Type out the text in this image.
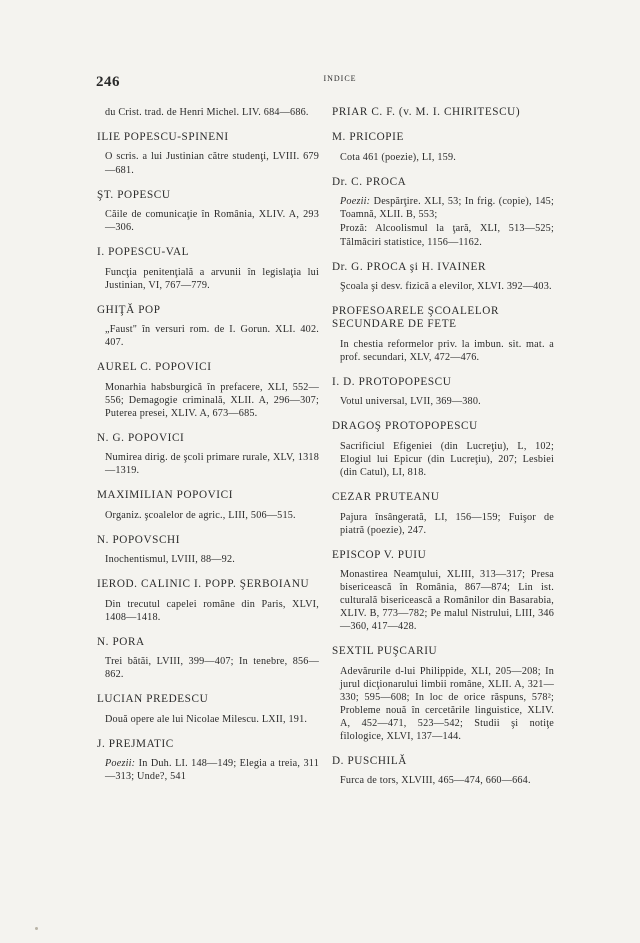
246	INDICE
du Crist. trad. de Henri Michel. LIV. 684—686.
ILIE POPESCU-SPINENI
O scris. a lui Justinian către studenţi, LVIII. 679—681.
ŞT. POPESCU
Căile de comunicaţie în România, XLIV. A, 293—306.
I. POPESCU-VAL
Funcţia penitenţială a arvunii în legislaţia lui Justinian, VI, 767—779.
GHIŢĂ POP
„Faust" în versuri rom. de I. Gorun. XLI. 402. 407.
AUREL C. POPOVICI
Monarhia habsburgică în prefacere, XLI, 552—556; Demagogie criminală, XLII. A, 296—307; Puterea presei, XLIV. A, 673—685.
N. G. POPOVICI
Numirea dirig. de şcoli primare rurale, XLV, 1318—1319.
MAXIMILIAN POPOVICI
Organiz. şcoalelor de agric., LIII, 506—515.
N. POPOVSCHI
Inochentismul, LVIII, 88—92.
IEROD. CALINIC I. POPP. ŞERBOIANU
Din trecutul capelei române din Paris, XLVI, 1408—1418.
N. PORA
Trei bătăi, LVIII, 399—407; In tenebre, 856—862.
LUCIAN PREDESCU
Două opere ale lui Nicolae Milescu. LXII, 191.
J. PREJMATIC
Poezii: In Duh. LI. 148—149; Elegia a treia, 311—313; Unde?, 541
PRIAR C. F. (v. M. I. CHIRITESCU)
M. PRICOPIE
Cota 461 (poezie), LI, 159.
Dr. C. PROCA
Poezii: Despărţire. XLI, 53; In frig. (copie), 145; Toamnă, XLII. B, 553;
Proză: Alcoolismul la ţară, XLI, 513—525; Tălmăciri statistice, 1156—1162.
Dr. G. PROCA şi H. IVAINER
Şcoala şi desv. fizică a elevilor, XLVI. 392—403.
PROFESOARELE ŞCOALELOR SECUNDARE DE FETE
In chestia reformelor priv. la imbun. sit. mat. a prof. secundari, XLV, 472—476.
I. D. PROTOPOPESCU
Votul universal, LVII, 369—380.
DRAGOŞ PROTOPOPESCU
Sacrificiul Efigeniei (din Lucreţiu), L, 102; Elogiul lui Epicur (din Lucreţiu), 207; Lesbiei (din Catul), LI, 818.
CEZAR PRUTEANU
Pajura însângerată, LI, 156—159; Fuişor de piatră (poezie), 247.
EPISCOP V. PUIU
Monastirea Neamţului, XLIII, 313—317; Presa bisericească în România, 867—874; Lin ist. culturală bisericească a Românilor din Basarabia, XLIV. B, 773—782; Pe malul Nistrului, LIII, 346—360, 417—428.
SEXTIL PUŞCARIU
Adevărurile d-lui Philippide, XLI, 205—208; In jurul dicţionarului limbii române, XLII. A, 321—330; 595—608; In loc de orice răspuns, 578²; Probleme nouă în cercetările linguistice, XLIV. A, 452—471, 523—542; Studii şi notiţe filologice, XLVI, 137—144.
D. PUSCHILĂ
Furca de tors, XLVIII, 465—474, 660—664.
